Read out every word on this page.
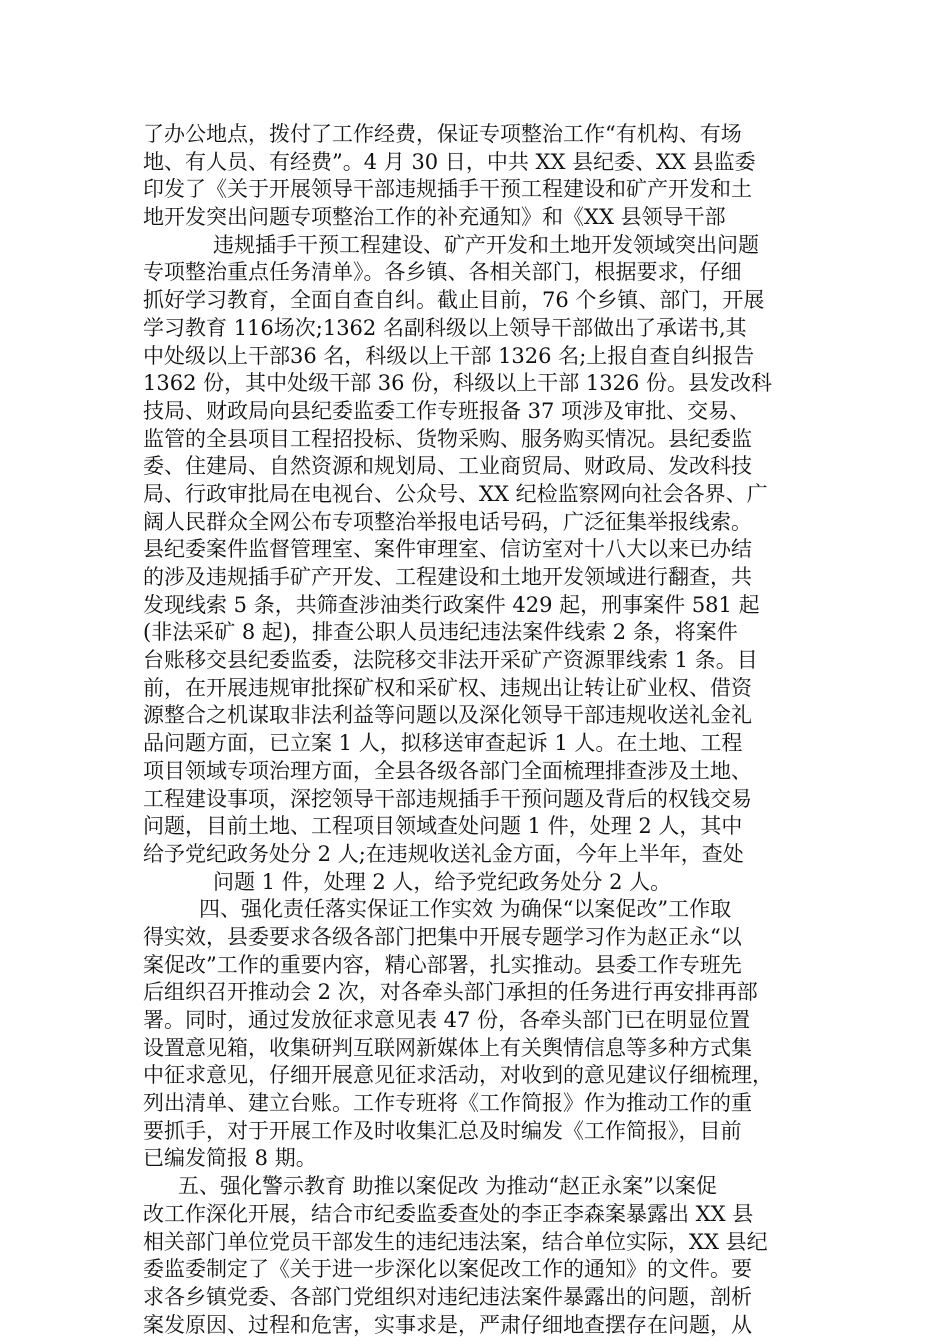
了办公地点，拨付了工作经费，保证专项整治工作“有机构、有场
地、有人员、有经费”。4 月 30 日，中共 XX 县纪委、XX 县监委
印发了《关于开展领导干部违规插手干预工程建设和矿产开发和土
地开发突出问题专项整治工作的补充通知》和《XX 县领导干部
违规插手干预工程建设、矿产开发和土地开发领域突出问题
专项整治重点任务清单》。各乡镇、各相关部门，根据要求，仔细
抓好学习教育，全面自查自纠。截止目前，76 个乡镇、部门，开展
学习教育 116场次;1362 名副科级以上领导干部做出了承诺书,其
中处级以上干部36 名，科级以上干部 1326 名;上报自查自纠报告
1362 份，其中处级干部 36 份，科级以上干部 1326 份。县发改科
技局、财政局向县纪委监委工作专班报备 37 项涉及审批、交易、
监管的全县项目工程招投标、货物采购、服务购买情况。县纪委监
委、住建局、自然资源和规划局、工业商贸局、财政局、发改科技
局、行政审批局在电视台、公众号、XX 纪检监察网向社会各界、广
阔人民群众全网公布专项整治举报电话号码，广泛征集举报线索。
县纪委案件监督管理室、案件审理室、信访室对十八大以来已办结
的涉及违规插手矿产开发、工程建设和土地开发领域进行翻查，共
发现线索 5 条，共筛查涉油类行政案件 429 起，刑事案件 581 起
(非法采矿 8 起)，排查公职人员违纪违法案件线索 2 条，将案件
台账移交县纪委监委，法院移交非法开采矿产资源罪线索 1 条。目
前，在开展违规审批探矿权和采矿权、违规出让转让矿业权、借资
源整合之机谋取非法利益等问题以及深化领导干部违规收送礼金礼
品问题方面，已立案 1 人，拟移送审查起诉 1 人。在土地、工程
项目领域专项治理方面，全县各级各部门全面梳理排查涉及土地、
工程建设事项，深挖领导干部违规插手干预问题及背后的权钱交易
问题，目前土地、工程项目领域查处问题 1 件，处理 2 人，其中
给予党纪政务处分 2 人;在违规收送礼金方面，今年上半年，查处
问题 1 件，处理 2 人，给予党纪政务处分 2 人。
四、强化责任落实保证工作实效 为确保“以案促改”工作取
得实效，县委要求各级各部门把集中开展专题学习作为赵正永“以
案促改”工作的重要内容，精心部署，扎实推动。县委工作专班先
后组织召开推动会 2 次，对各牵头部门承担的任务进行再安排再部
署。同时，通过发放征求意见表 47 份，各牵头部门已在明显位置
设置意见箱，收集研判互联网新媒体上有关舆情信息等多种方式集
中征求意见，仔细开展意见征求活动，对收到的意见建议仔细梳理，
列出清单、建立台账。工作专班将《工作简报》作为推动工作的重
要抓手，对于开展工作及时收集汇总及时编发《工作简报》，目前
已编发简报 8 期。
五、强化警示教育 助推以案促改 为推动“赵正永案”以案促
改工作深化开展，结合市纪委监委查处的李正李森案暴露出 XX 县
相关部门单位党员干部发生的违纪违法案，结合单位实际，XX 县纪
委监委制定了《关于进一步深化以案促改工作的通知》的文件。要
求各乡镇党委、各部门党组织对违纪违法案件暴露出的问题，剖析
案发原因、过程和危害，实事求是，严肃仔细地查摆存在问题，从
